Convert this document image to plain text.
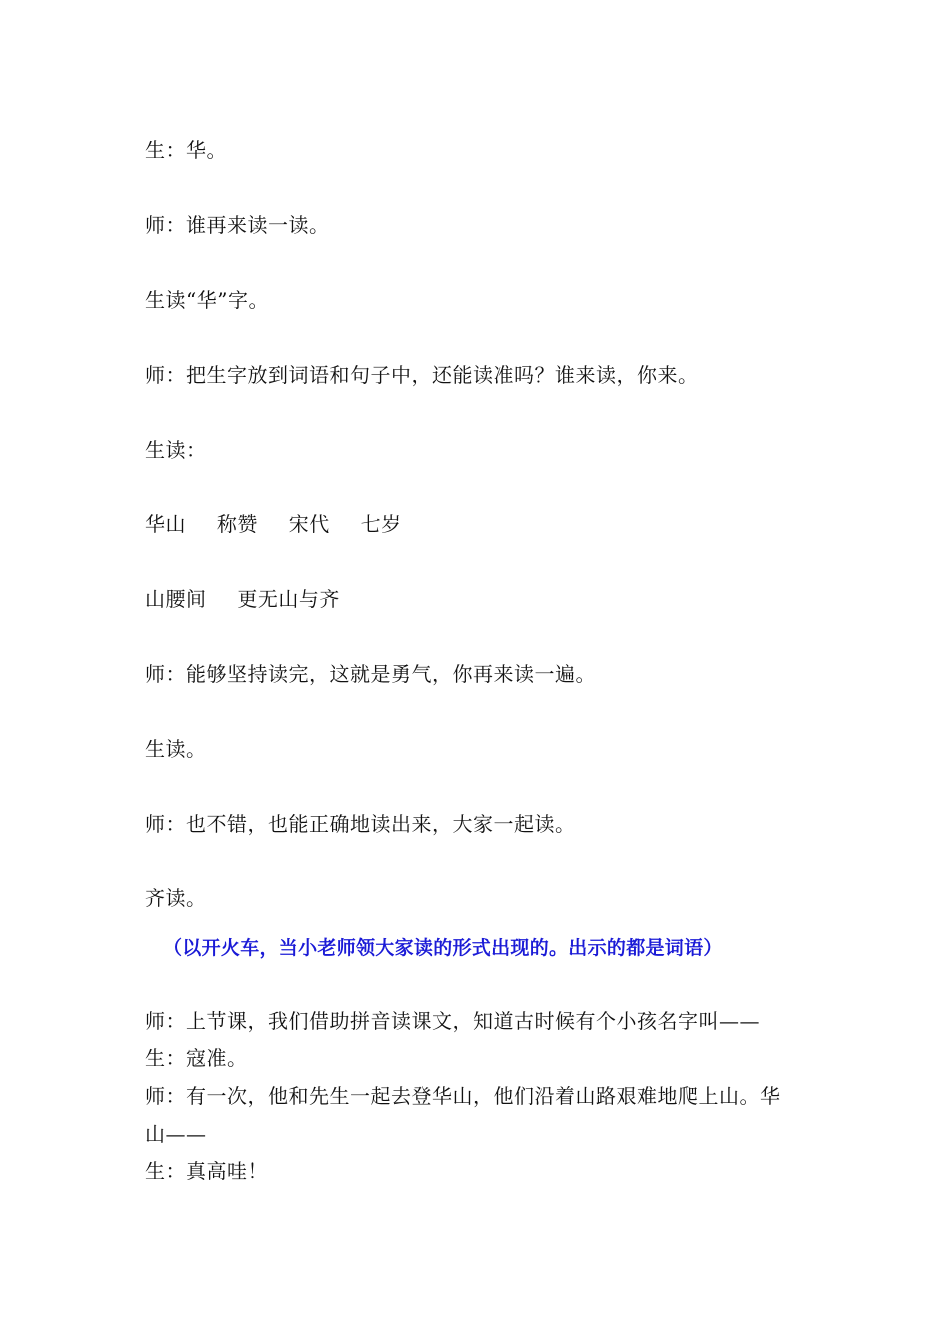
生：华。
师：谁再来读一读。
生读“华”字。
师：把生字放到词语和句子中，还能读准吗？谁来读，你来。
生读：
华山 称赞 宋代 七岁
山腰间 更无山与齐
师：能够坚持读完，这就是勇气，你再来读一遍。
生读。
师：也不错，也能正确地读出来，大家一起读。
齐读。
（以开火车，当小老师领大家读的形式出现的。出示的都是词语）
师：上节课，我们借助拼音读课文，知道古时候有个小孩名字叫——
生：寇准。
师：有一次，他和先生一起去登华山，他们沿着山路艰难地爬上山。华
山——
生：真高哇！
